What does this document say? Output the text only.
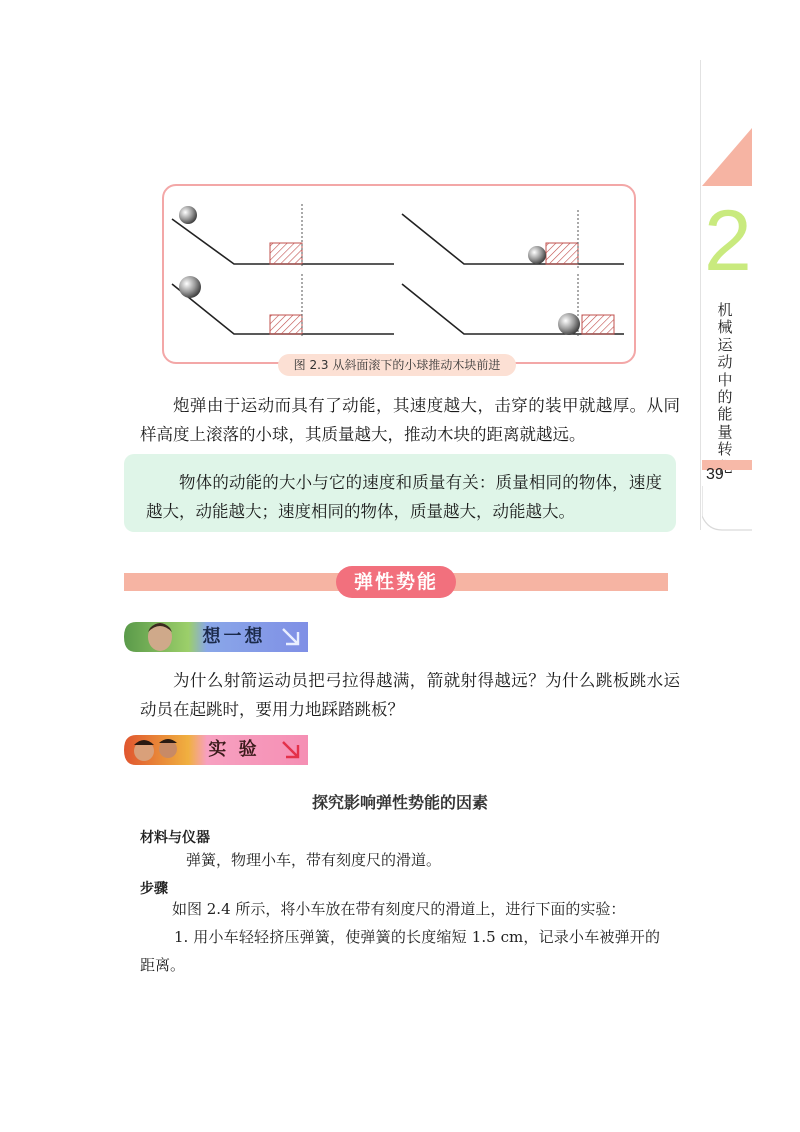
2
机械运动中的能量转
39
图 2.3 从斜面滚下的小球推动木块前进
炮弹由于运动而具有了动能，其速度越大，击穿的装甲就越厚。从同样高度上滚落的小球，其质量越大，推动木块的距离就越远。
物体的动能的大小与它的速度和质量有关：质量相同的物体，速度越大，动能越大；速度相同的物体，质量越大，动能越大。
弹性势能
想一想
为什么射箭运动员把弓拉得越满，箭就射得越远？为什么跳板跳水运动员在起跳时，要用力地踩踏跳板？
实 验
探究影响弹性势能的因素
材料与仪器
弹簧，物理小车，带有刻度尺的滑道。
步骤
如图 2.4 所示，将小车放在带有刻度尺的滑道上，进行下面的实验：
1. 用小车轻轻挤压弹簧，使弹簧的长度缩短 1.5 cm，记录小车被弹开的距离。
